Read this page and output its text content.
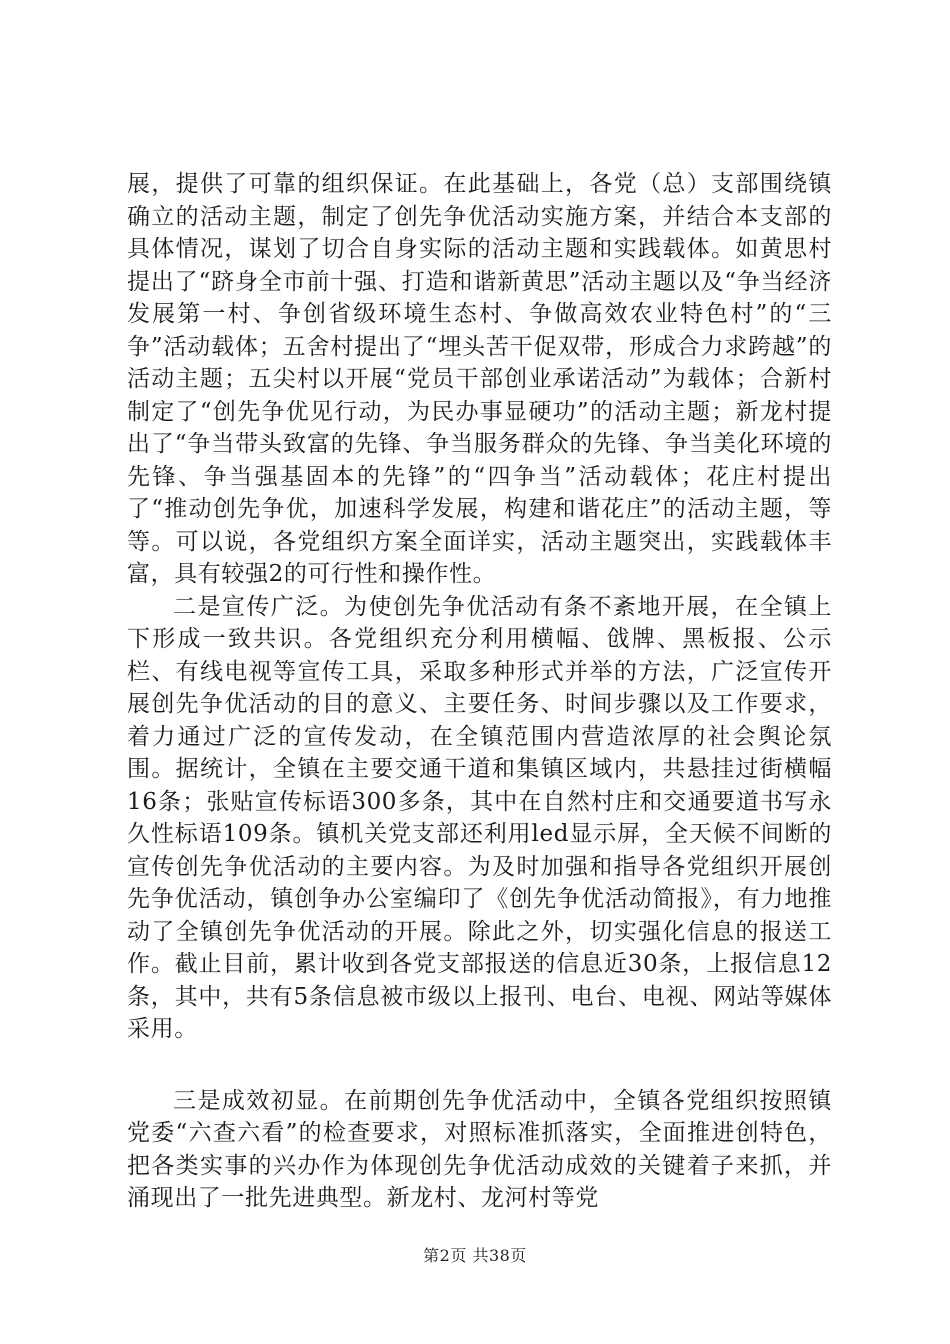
展，提供了可靠的组织保证。在此基础上，各党（总）支部围绕镇确立的活动主题，制定了创先争优活动实施方案，并结合本支部的具体情况，谋划了切合自身实际的活动主题和实践载体。如黄思村提出了“跻身全市前十强、打造和谐新黄思”活动主题以及“争当经济发展第一村、争创省级环境生态村、争做高效农业特色村”的“三争”活动载体；五舍村提出了“埋头苦干促双带，形成合力求跨越”的活动主题；五尖村以开展“党员干部创业承诺活动”为载体；合新村制定了“创先争优见行动，为民办事显硬功”的活动主题；新龙村提出了“争当带头致富的先锋、争当服务群众的先锋、争当美化环境的先锋、争当强基固本的先锋”的“四争当”活动载体；花庄村提出了“推动创先争优，加速科学发展，构建和谐花庄”的活动主题，等等。可以说，各党组织方案全面详实，活动主题突出，实践载体丰富，具有较强2的可行性和操作性。

二是宣传广泛。为使创先争优活动有条不紊地开展，在全镇上下形成一致共识。各党组织充分利用横幅、戗牌、黑板报、公示栏、有线电视等宣传工具，采取多种形式并举的方法，广泛宣传开展创先争优活动的目的意义、主要任务、时间步骤以及工作要求，着力通过广泛的宣传发动，在全镇范围内营造浓厚的社会舆论氛围。据统计，全镇在主要交通干道和集镇区域内，共悬挂过街横幅16条；张贴宣传标语300多条，其中在自然村庄和交通要道书写永久性标语109条。镇机关党支部还利用led显示屏，全天候不间断的宣传创先争优活动的主要内容。为及时加强和指导各党组织开展创先争优活动，镇创争办公室编印了《创先争优活动简报》，有力地推动了全镇创先争优活动的开展。除此之外，切实强化信息的报送工作。截止目前，累计收到各党支部报送的信息近30条，上报信息12条，其中，共有5条信息被市级以上报刊、电台、电视、网站等媒体采用。

三是成效初显。在前期创先争优活动中，全镇各党组织按照镇党委“六查六看”的检查要求，对照标准抓落实，全面推进创特色，把各类实事的兴办作为体现创先争优活动成效的关键着子来抓，并涌现出了一批先进典型。新龙村、龙河村等党

第2页 共38页
